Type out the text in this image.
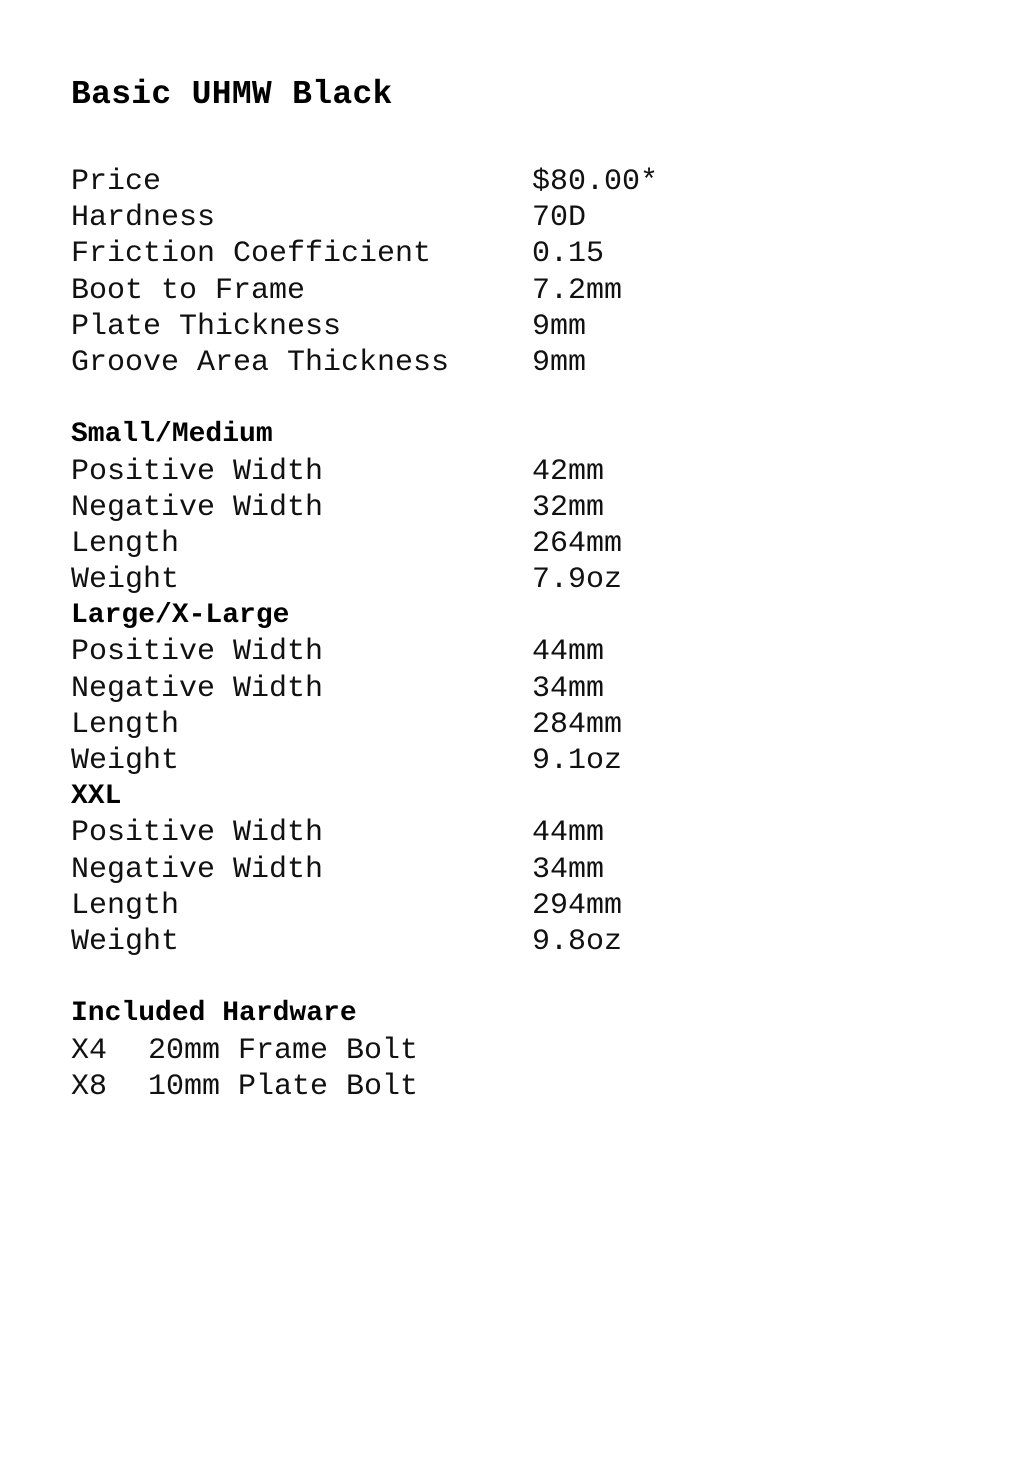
Basic UHMW Black
Price	$80.00*
Hardness	70D
Friction Coefficient	0.15
Boot to Frame	7.2mm
Plate Thickness	9mm
Groove Area Thickness	9mm
Small/Medium
Positive Width	42mm
Negative Width	32mm
Length	264mm
Weight	7.9oz
Large/X-Large
Positive Width	44mm
Negative Width	34mm
Length	284mm
Weight	9.1oz
XXL
Positive Width	44mm
Negative Width	34mm
Length	294mm
Weight	9.8oz
Included Hardware
X4 20mm Frame Bolt
X8 10mm Plate Bolt
